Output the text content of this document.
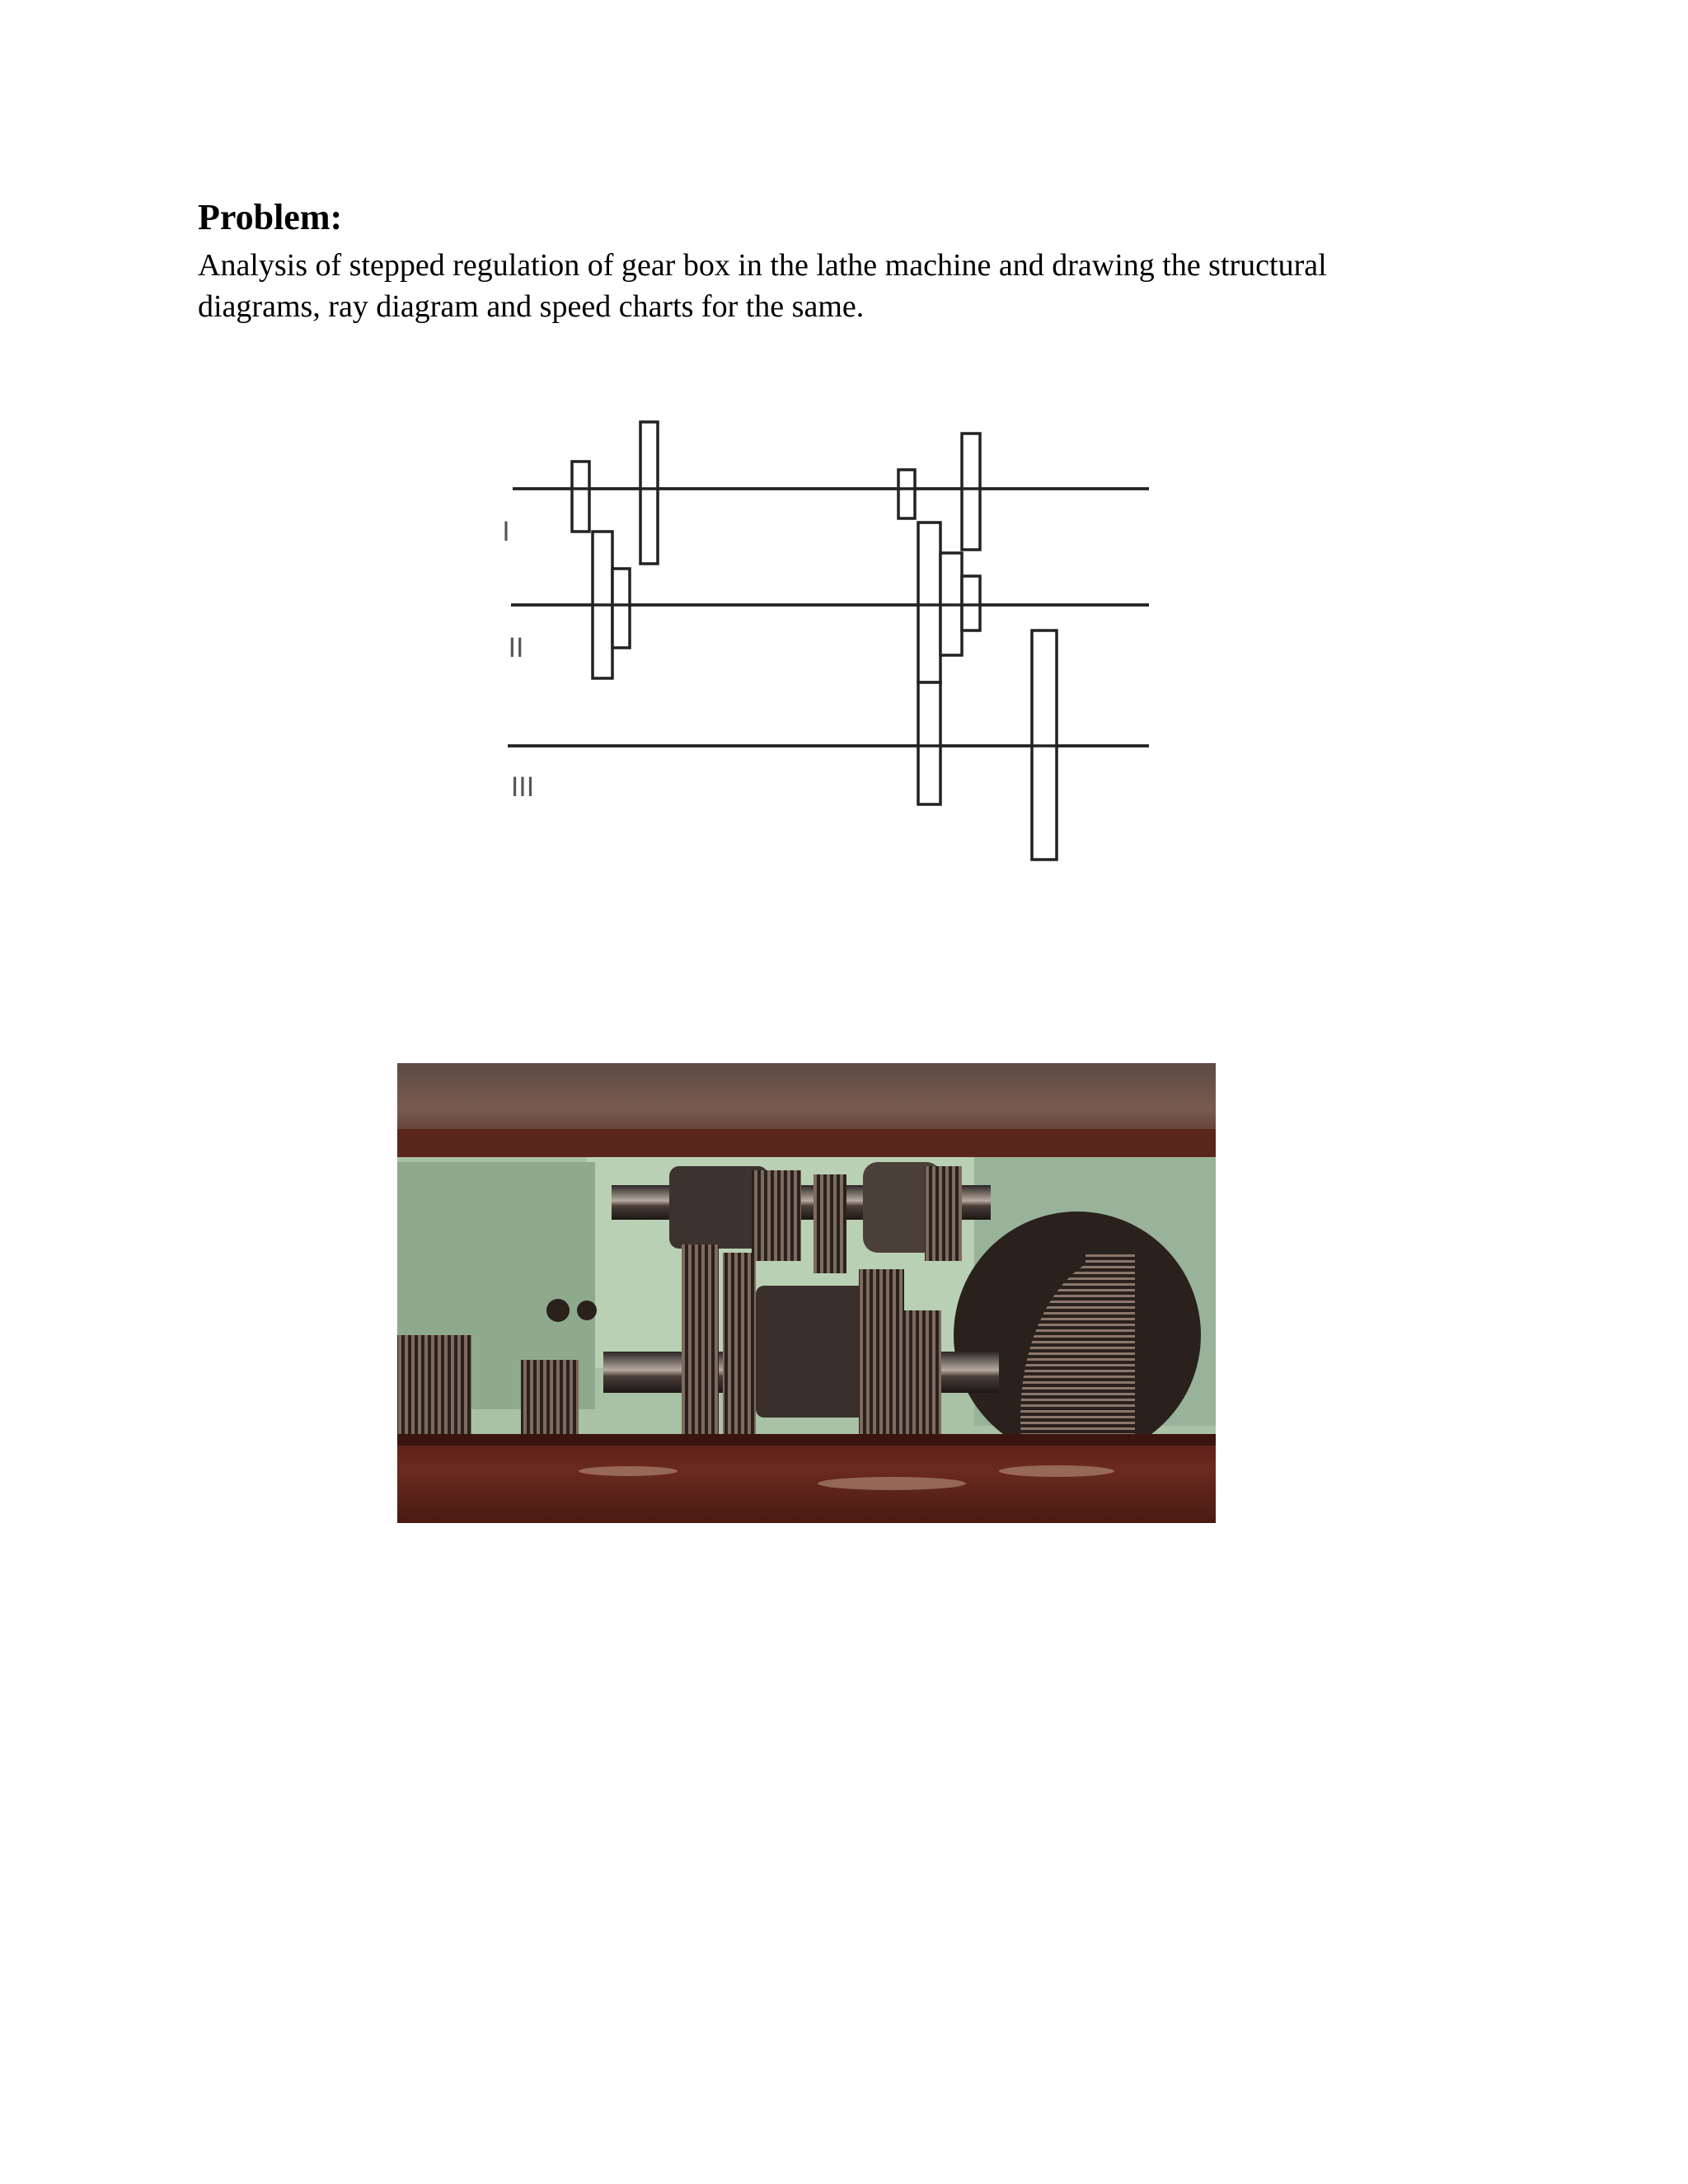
Problem:

Analysis of stepped regulation of gear box in the lathe machine and drawing the structural
diagrams, ray diagram and speed charts for the same.

I
II
III
